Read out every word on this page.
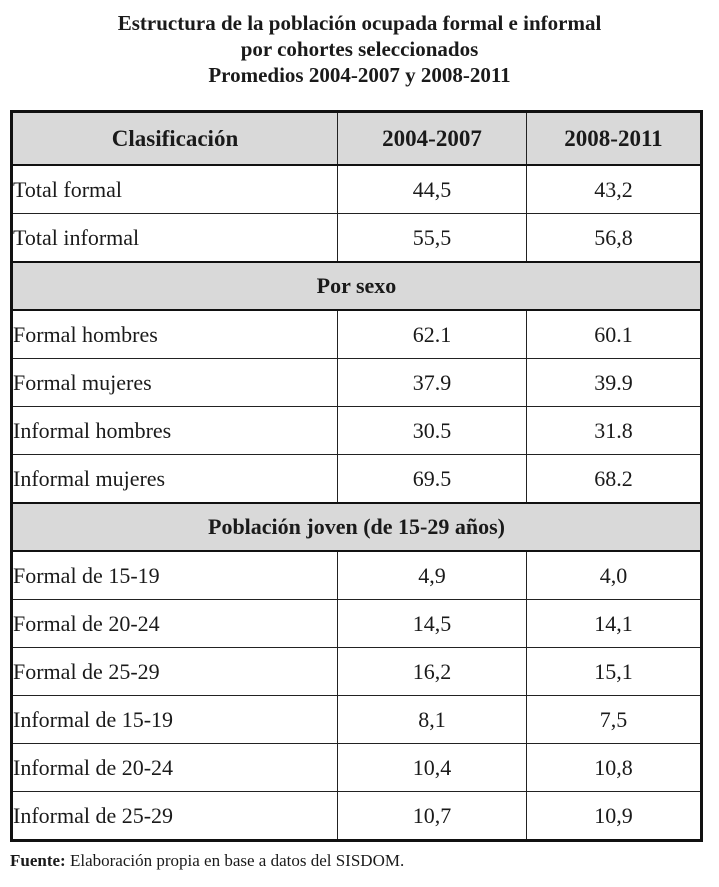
Estructura de la población ocupada formal e informal
por cohortes seleccionados
Promedios 2004-2007 y 2008-2011
Clasificación	2004-2007	2008-2011
Total formal	44,5	43,2
Total informal	55,5	56,8
Por sexo		
Formal hombres	62.1	60.1
Formal mujeres	37.9	39.9
Informal hombres	30.5	31.8
Informal mujeres	69.5	68.2
Población joven (de 15-29 años)		
Formal de 15-19	4,9	4,0
Formal de 20-24	14,5	14,1
Formal de 25-29	16,2	15,1
Informal de 15-19	8,1	7,5
Informal de 20-24	10,4	10,8
Informal de 25-29	10,7	10,9
Fuente: Elaboración propia en base a datos del SISDOM.
